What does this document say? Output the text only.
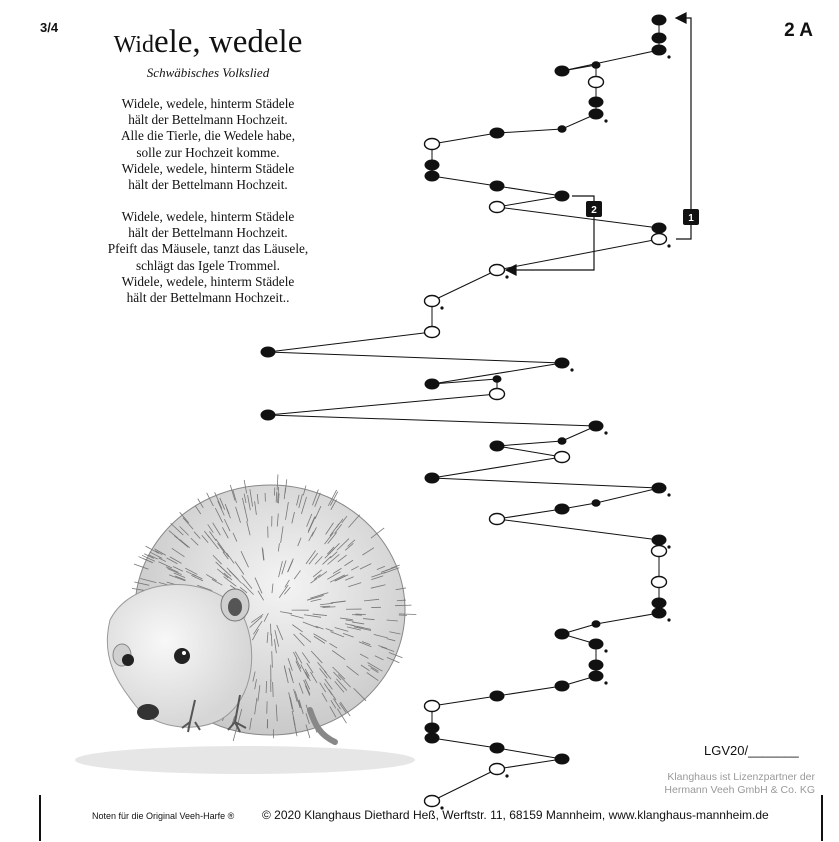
3/4	2 A
Widele, wedele
Schwäbisches Volkslied
Widele, wedele, hinterm Städele
hält der Bettelmann Hochzeit.
Alle die Tierle, die Wedele habe,
solle zur Hochzeit komme.
Widele, wedele, hinterm Städele
hält der Bettelmann Hochzeit.
Widele, wedele, hinterm Städele
hält der Bettelmann Hochzeit.
Pfeift das Mäusele, tanzt das Läusele,
schlägt das Igele Trommel.
Widele, wedele, hinterm Städele
hält der Bettelmann Hochzeit..
1
2
LGV20/_______
Klanghaus ist Lizenzpartner der
Hermann Veeh GmbH & Co. KG
Noten für die Original Veeh-Harfe ® © 2020 Klanghaus Diethard Heß, Werftstr. 11, 68159 Mannheim, www.klanghaus-mannheim.de
